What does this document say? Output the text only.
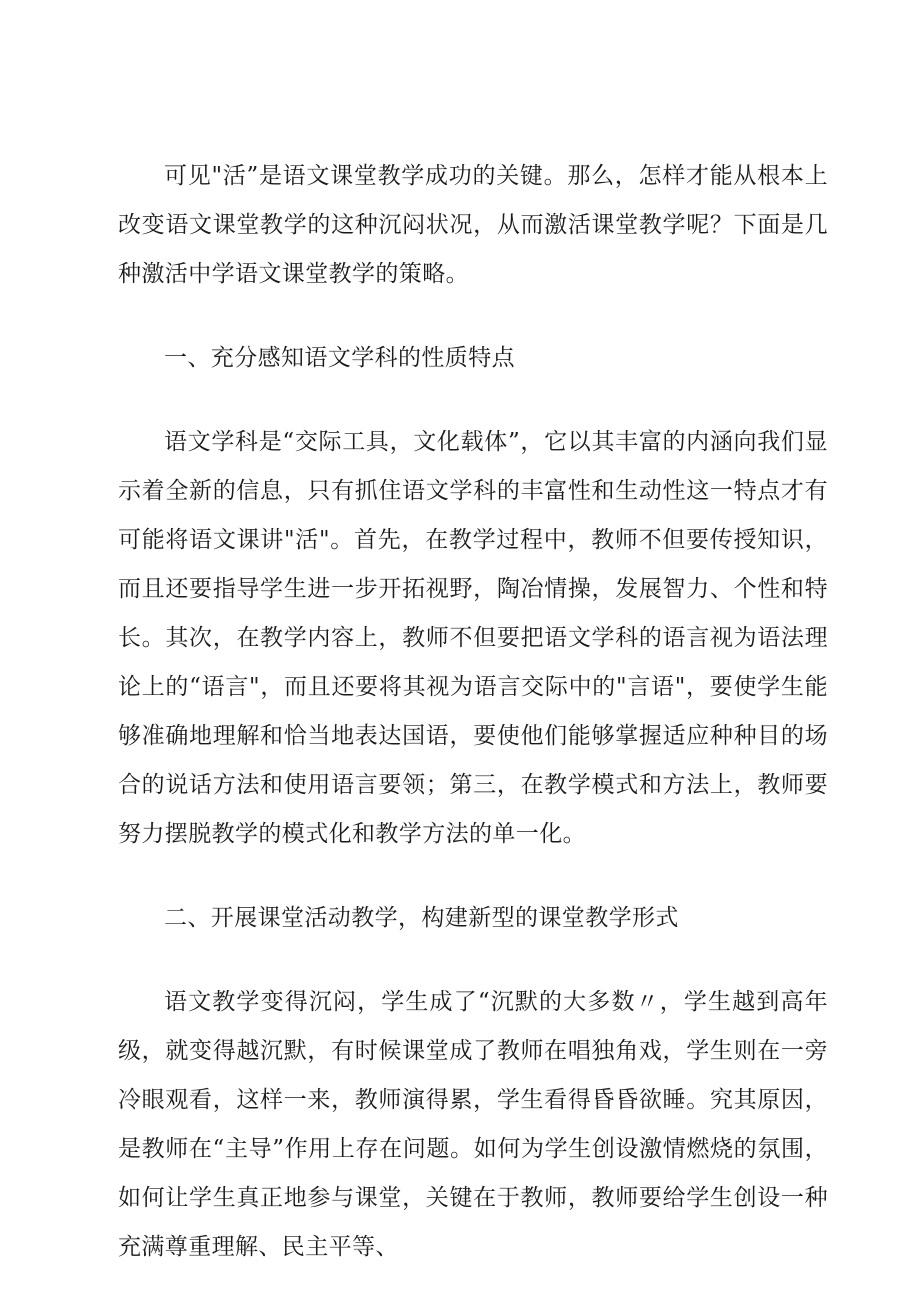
可见"活”是语文课堂教学成功的关键。那么，怎样才能从根本上改变语文课堂教学的这种沉闷状况，从而激活课堂教学呢？下面是几种激活中学语文课堂教学的策略。

一、充分感知语文学科的性质特点

语文学科是“交际工具，文化载体”，它以其丰富的内涵向我们显示着全新的信息，只有抓住语文学科的丰富性和生动性这一特点才有可能将语文课讲"活"。首先，在教学过程中，教师不但要传授知识，而且还要指导学生进一步开拓视野，陶冶情操，发展智力、个性和特长。其次，在教学内容上，教师不但要把语文学科的语言视为语法理论上的“语言"，而且还要将其视为语言交际中的"言语"，要使学生能够准确地理解和恰当地表达国语，要使他们能够掌握适应种种目的场合的说话方法和使用语言要领；第三，在教学模式和方法上，教师要努力摆脱教学的模式化和教学方法的单一化。

二、开展课堂活动教学，构建新型的课堂教学形式

语文教学变得沉闷，学生成了“沉默的大多数〃，学生越到高年级，就变得越沉默，有时候课堂成了教师在唱独角戏，学生则在一旁冷眼观看，这样一来，教师演得累，学生看得昏昏欲睡。究其原因，是教师在“主导”作用上存在问题。如何为学生创设激情燃烧的氛围，如何让学生真正地参与课堂，关键在于教师，教师要给学生创设一种充满尊重理解、民主平等、
